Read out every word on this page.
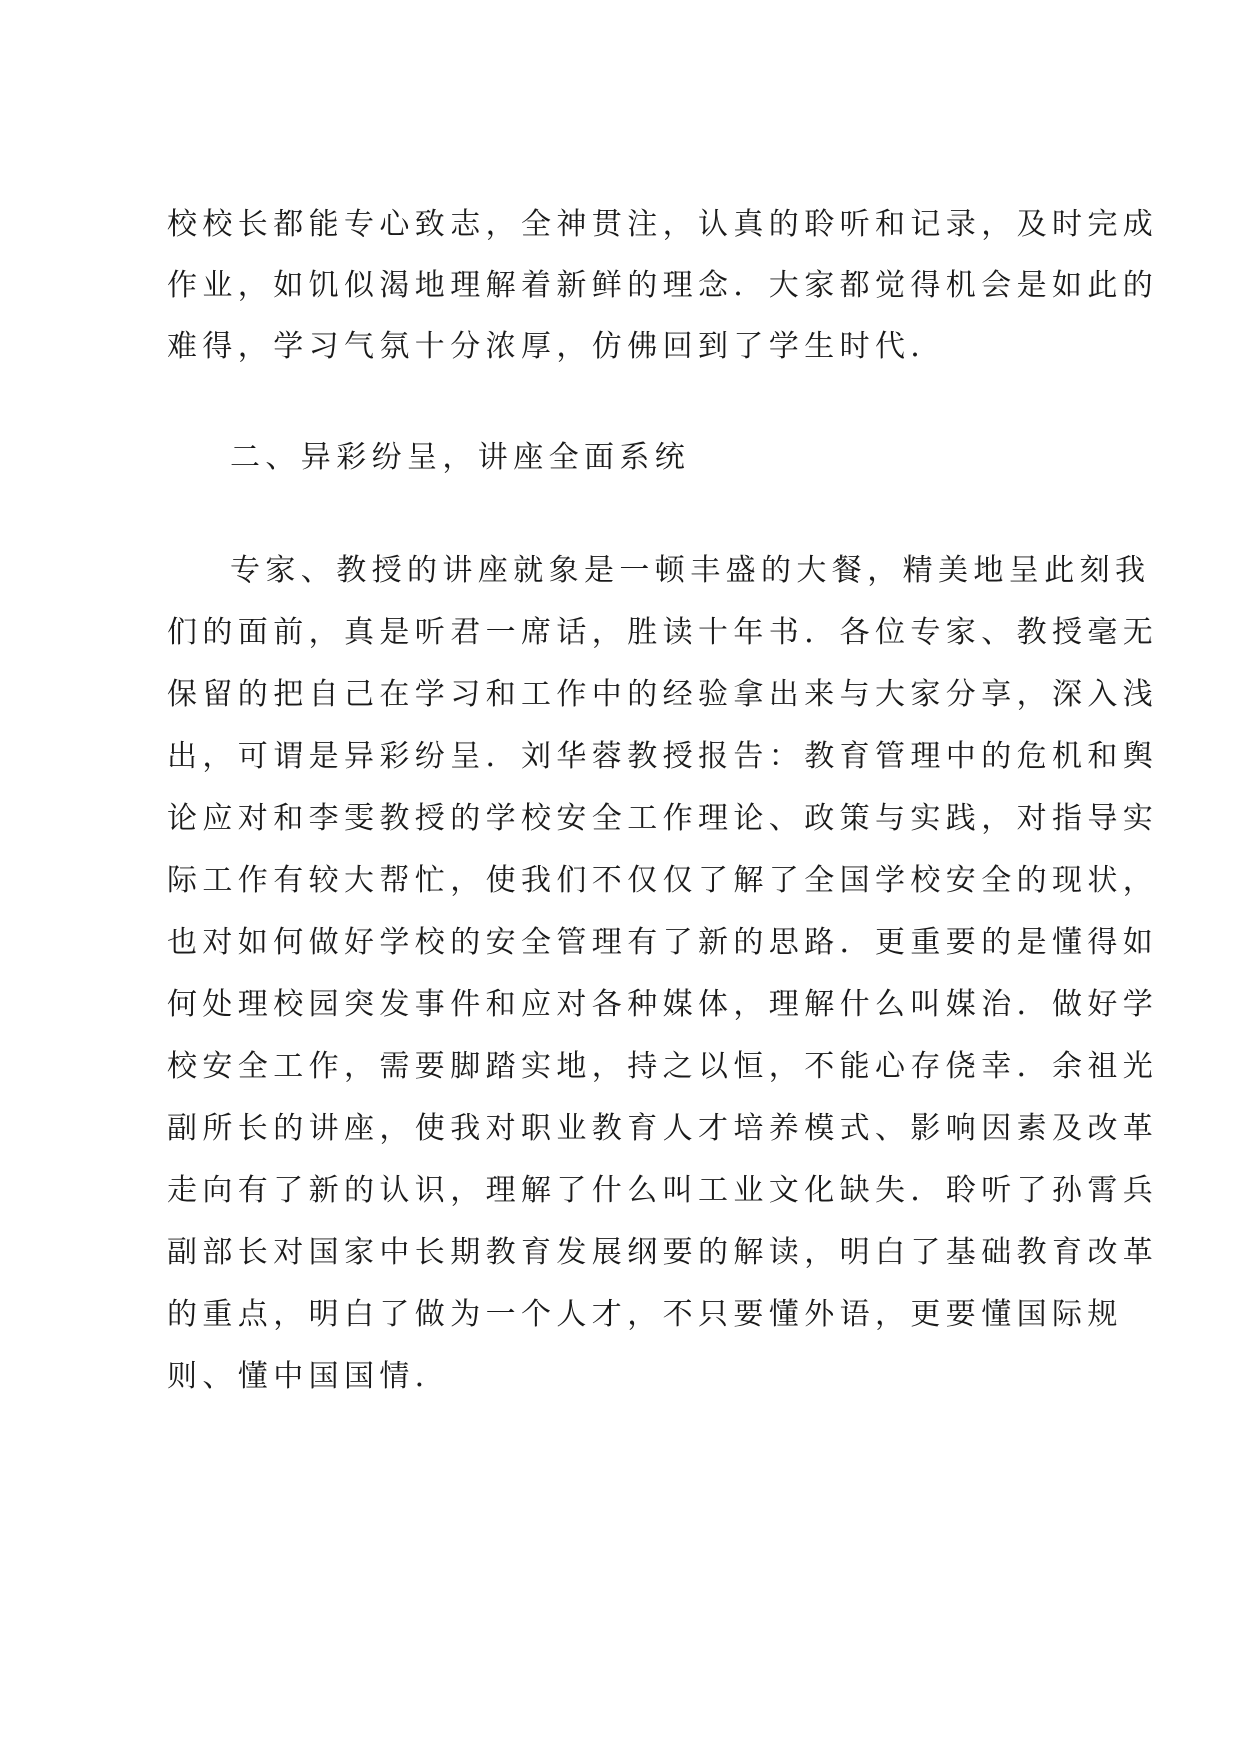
校校长都能专心致志，全神贯注，认真的聆听和记录，及时完成
作业，如饥似渴地理解着新鲜的理念．大家都觉得机会是如此的
难得，学习气氛十分浓厚，仿佛回到了学生时代．
二、异彩纷呈，讲座全面系统
专家、教授的讲座就象是一顿丰盛的大餐，精美地呈此刻我
们的面前，真是听君一席话，胜读十年书．各位专家、教授毫无
保留的把自己在学习和工作中的经验拿出来与大家分享，深入浅
出，可谓是异彩纷呈．刘华蓉教授报告：教育管理中的危机和舆
论应对和李雯教授的学校安全工作理论、政策与实践，对指导实
际工作有较大帮忙，使我们不仅仅了解了全国学校安全的现状，
也对如何做好学校的安全管理有了新的思路．更重要的是懂得如
何处理校园突发事件和应对各种媒体，理解什么叫媒治．做好学
校安全工作，需要脚踏实地，持之以恒，不能心存侥幸．余祖光
副所长的讲座，使我对职业教育人才培养模式、影响因素及改革
走向有了新的认识，理解了什么叫工业文化缺失．聆听了孙霄兵
副部长对国家中长期教育发展纲要的解读，明白了基础教育改革
的重点，明白了做为一个人才，不只要懂外语，更要懂国际规
则、懂中国国情．
